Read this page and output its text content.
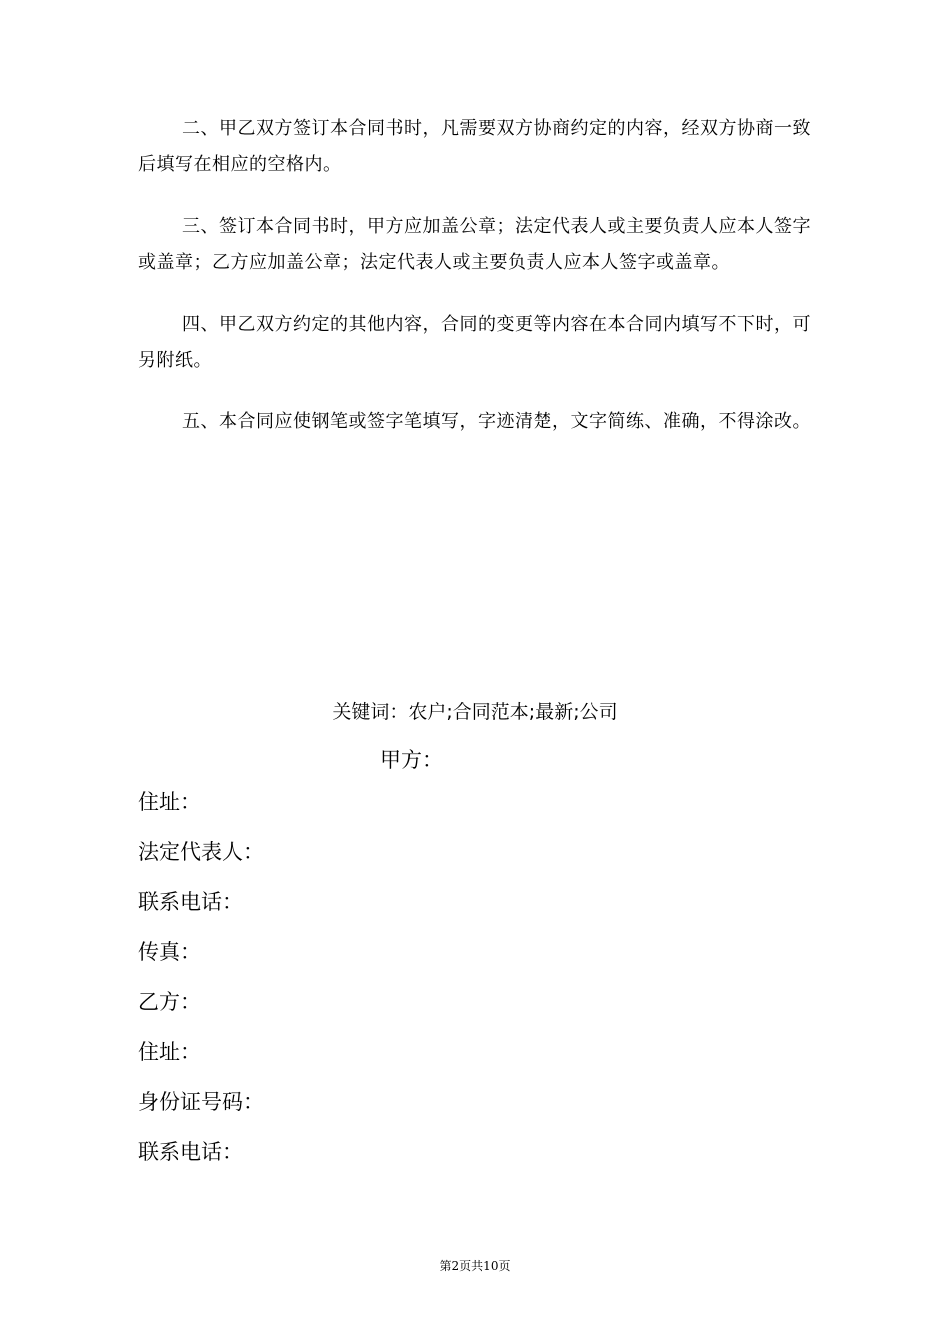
二、甲乙双方签订本合同书时，凡需要双方协商约定的内容，经双方协商一致后填写在相应的空格内。

三、签订本合同书时，甲方应加盖公章；法定代表人或主要负责人应本人签字或盖章；乙方应加盖公章；法定代表人或主要负责人应本人签字或盖章。

四、甲乙双方约定的其他内容，合同的变更等内容在本合同内填写不下时，可另附纸。

五、本合同应使钢笔或签字笔填写，字迹清楚，文字简练、准确，不得涂改。

关键词：农户;合同范本;最新;公司
甲方：
住址：
法定代表人：
联系电话：
传真：
乙方：
住址：
身份证号码：
联系电话：
第2页共10页
